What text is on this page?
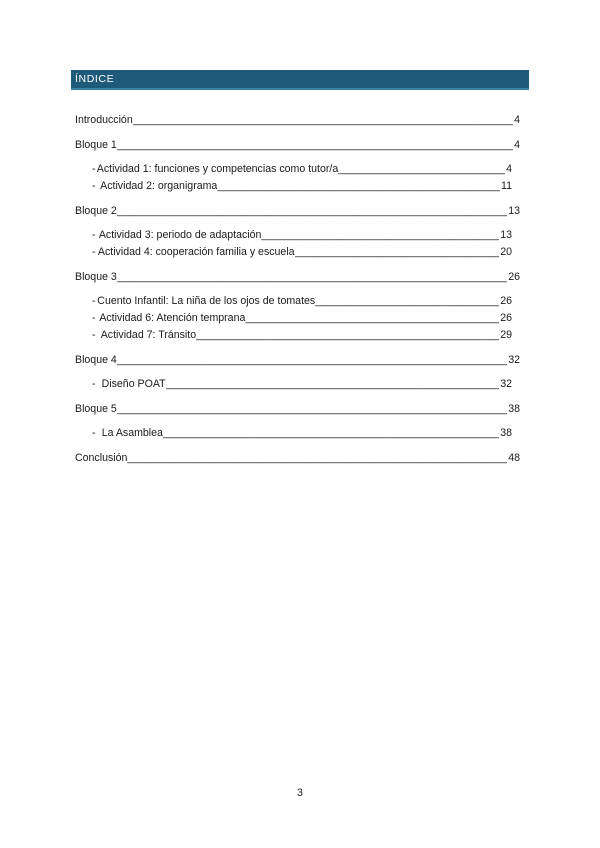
ÍNDICE
Introducción _____	4
Bloque 1 _____	4
- Actividad 1: funciones y competencias como tutor/a _____	4
- Actividad 2: organigrama _____	11
Bloque 2 _____	13
- Actividad 3: periodo de adaptación _____	13
- Actividad 4: cooperación familia y escuela _____	20
Bloque 3 _____	26
- Cuento Infantil: La niña de los ojos de tomates _____	26
- Actividad 6: Atención temprana _____	26
- Actividad 7: Tránsito _____	29
Bloque 4 _____	32
- Diseño POAT _____	32
Bloque 5 _____	38
- La Asamblea _____	38
Conclusión _____	48
3
